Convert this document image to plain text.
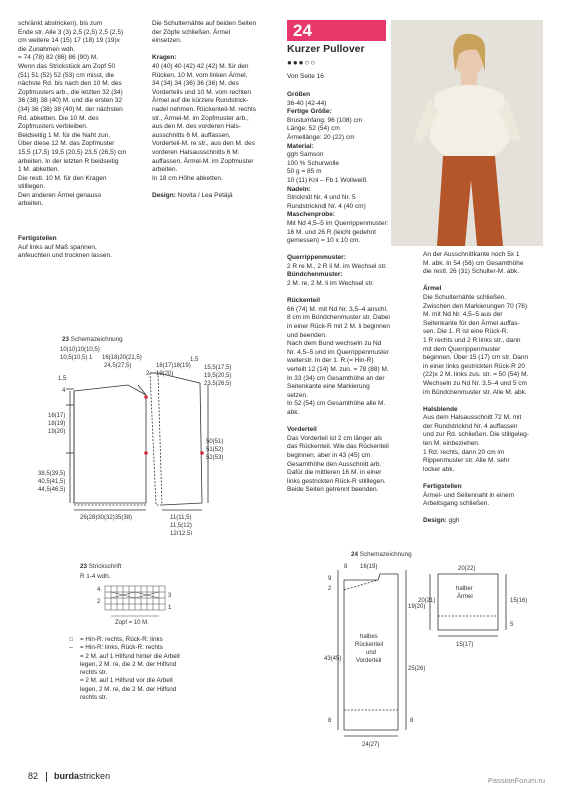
schränkt abstricken), bis zum

Ende str. Alle 3 (3) 2,5 (2,5) 2,5 (2,5)

cm weitere 14 (15) 17 (18) 19 (19)x

die Zunahmen wdh.

= 74 (78) 82 (86) 86 (90) M.

Wenn das Strickstück am Zopf 50

(51) 51 (52) 52 (53) cm misst, die

nächste Rd. bis nach den 10 M. des

Zopfmusters arb., die letzten 32 (34)

36 (38) 38 (40) M. und die ersten 32

(34) 36 (38) 38 (40) M. der nächsten

Rd. abketten. Die 10 M. des

Zopfmusters verbleiben.

Beidseitig 1 M. für die Naht zun.

Über diese 12 M. das Zopfmuster

15,5 (17,5) 19,5 (20,5) 23,5 (26,5) cm

arbeiten. In der letzten R beidseitig

1 M. abketten.

Die restl. 10 M. für den Kragen

stilllegen.

Den anderen Ärmel genauso

arbeiten.

Fertigstellen

Auf links auf Maß spannen,

anfeuchten und trocknen lassen.

Die Schulternähte auf beiden Seiten

der Zöpfe schließen. Ärmel

einsetzen.

Kragen:

40 (40) 40 (42) 42 (42) M. für den

Rücken, 10 M. vom linken Ärmel,

34 (34) 34 (36) 36 (36) M. des

Vorderteils und 10 M. vom rechten

Ärmel auf die kürzere Rundstrick-

nadel nehmen. Rückenteil-M. rechts

str., Ärmel-M. im Zopfmuster arb.,

aus den M. des vorderen Hals-

ausschnitts 6 M. auffassen,

Vorderteil-M. re str., aus den M. des

vorderen Halsausschnitts 6 M.

auffassen, Ärmel-M. im Zopfmuster

arbeiten.

In 18 cm Höhe abketten.

Design: Novita / Lea Petäjä

24
Kurzer Pullover
●●●○○
Von Seite 16

Größen

36-40 (42-44)

Fertige Größe:

Brustumfang: 96 (108) cm

Länge: 52 (54) cm

Ärmellänge: 20 (22) cm

Material:

ggh Samson

100 % Schurwolle

50 g = 85 m

10 (11) Knl – Fb 1 Wollweiß

Nadeln:

Strickndl Nr. 4 und Nr. 5

Rundstrickndl Nr. 4 (40 cm)

Maschenprobe:

Mit Nd 4,5–5 im Querrippenmuster:

16 M. und 26 R (leicht gedehnt

gemessen) = 10 x 10 cm.

Querrippenmuster:

2 R re M., 2 R li M. im Wechsel str.

Bündchenmuster:

2 M. re, 2 M. li im Wechsel str.

Rückenteil

66 (74) M. mit Nd Nr. 3,5–4 anschl.

8 cm im Bündchenmuster str. Dabei

in einer Rück-R mit 2 M. li beginnen

und beenden.

Nach dem Bund wechseln zu Nd

Nr. 4,5–5 und im Querrippenmuster

weiterstr. In der 1. R (= Hin-R)

verteilt 12 (14) M. zun. = 78 (88) M.

In 33 (34) cm Gesamthöhe an der

Seitenkante eine Markierung setzen.

In 52 (54) cm Gesamthöhe alle M.

abk.

Vorderteil

Das Vorderteil ist 2 cm länger als

das Rückenteil. Wie das Rückenteil

beginnen, aber in 43 (45) cm

Gesamthöhe den Ausschnitt arb.

Dafür die mittleren 16 M. in einer

links gestrickten Rück-R stilllegen.

Beide Seiten getrennt beenden.

An der Ausschnittkante noch 5x 1

M. abk. In 54 (56) cm Gesamthöhe

die restl. 26 (31) Schulter-M. abk.

Ärmel

Die Schulternähte schließen.

Zwischen den Markierungen 70 (76)

M. mit Nd Nr. 4,5–5 aus der

Seitenkante für den Ärmel auffas-

sen. Die 1. R ist eine Rück-R.

1 R rechts und 2 R links str., dann

mit dem Querrippenmuster

beginnen. Über 15 (17) cm str. Dann

in einer links gestrickten Rück-R 20

(22)x 2 M. links zus. str. = 50 (54) M.

Wechseln zu Nd Nr. 3,5–4 und 5 cm

im Bündchenmuster str. Alle M. abk.

Halsblende

Aus dem Halsausschnitt 72 M. mit

der Rundstricknd Nr. 4 auffassen

und zur Rd. schließen. Die stillgeleg-

ten M. einbeziehen.

1 Rd. rechts, dann 20 cm im

Rippenmuster str. Alle M. sehr

locker abk.

Fertigstellen

Ärmel- und Seitennaht in einem

Arbeitsgang schließen.

Design: ggh

23 Schemazeichnung
10(10)10(10,5)
10,5(10,5) 1 16(18)20(21,5)
24,5(27,5)
1,5
4
16(17)
18(19)
19(20)
38,5(39,5)
40,5(41,5)
44,5(46,5)
26(28)30(32)35(38)
2
16(17)18(19)
19(20)
1,5
15,5(17,5)
19,5(20,5)
23,5(26,5)
50(51)
51(52)
52(53)
11(11,5)
11,5(12)
12(12,5)
23 Strickschrift
R 1-4 wdh.
4
2
3
1
Zopf = 10 M.
□	= Hin-R: rechts, Rück-R: links
–	= Hin-R: links, Rück-R: rechts
= 2 M. auf 1 Hilfsnd hinter die Arbeit
legen, 2 M. re, die 2 M. der Hilfsnd
rechts str.
= 2 M. auf 1 Hilfsnd vor die Arbeit
legen, 2 M. re, die 2 M. der Hilfsnd
rechts str.
24 Schemazeichnung
8 16(19)
9
2
43(45)
8
halbes
Rückenteil
und
Vorderteil
19(20)
25(26)
8
24(27)
20(22)
halber
Ärmel
20(21)	15(16)
5
15(17)
82 burdastricken	PassionForum.ru
